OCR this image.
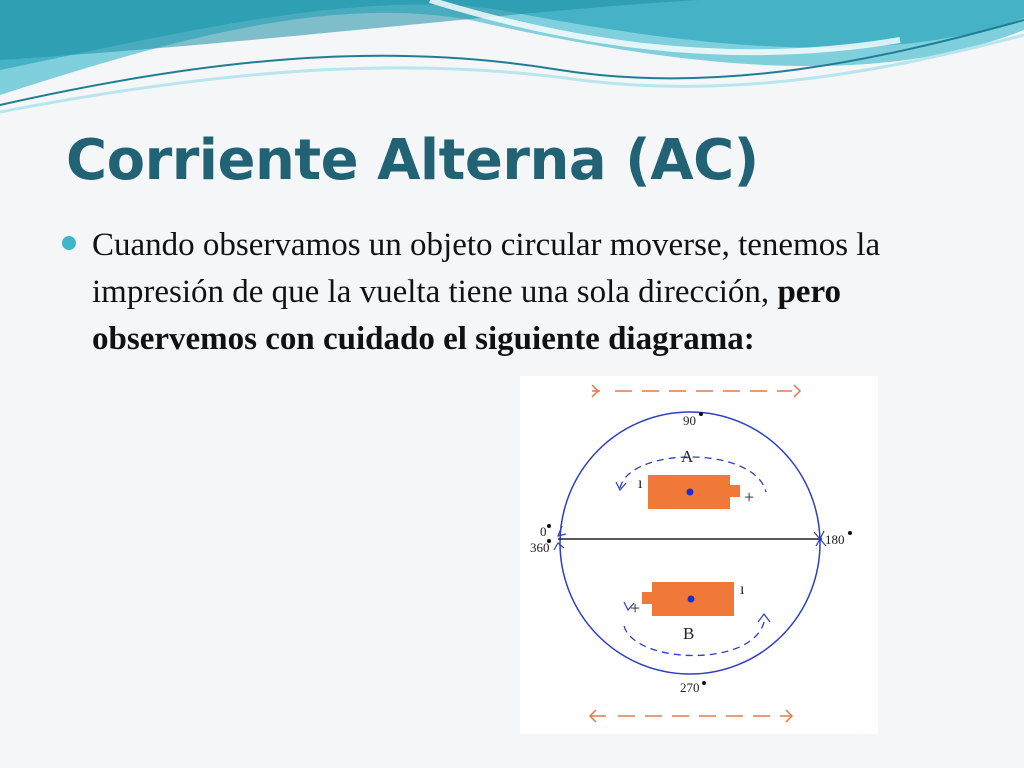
Corriente Alterna (AC)

Cuando observamos un objeto circular moverse, tenemos la impresión de que la vuelta tiene una sola dirección, pero observemos con cuidado el siguiente diagrama:

90
A
ı
+
0
360
180
ı
+
B
270
